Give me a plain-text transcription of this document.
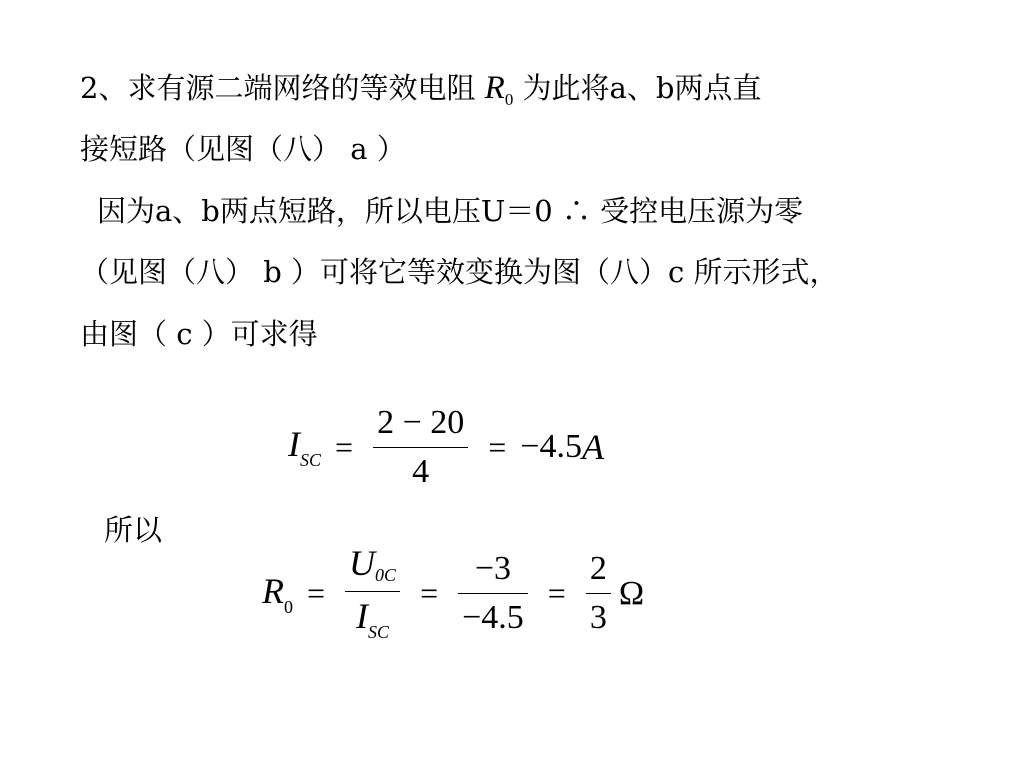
2、求有源二端网络的等效电阻 $R_0$ 为此将a、b两点直
接短路（见图（八） a ）
因为a、b两点短路，所以电压U＝0 ∴ 受控电压源为零
（见图（八） b ）可将它等效变换为图（八）c 所示形式，
由图（ c ）可求得
ISC = $\frac{2 - 20}{4} = -4.5$ A
所以
$R0 = \frac{U0C}{I_{SC}} = \frac{-3}{-4.5} = \frac{2}{3}$ Ω
